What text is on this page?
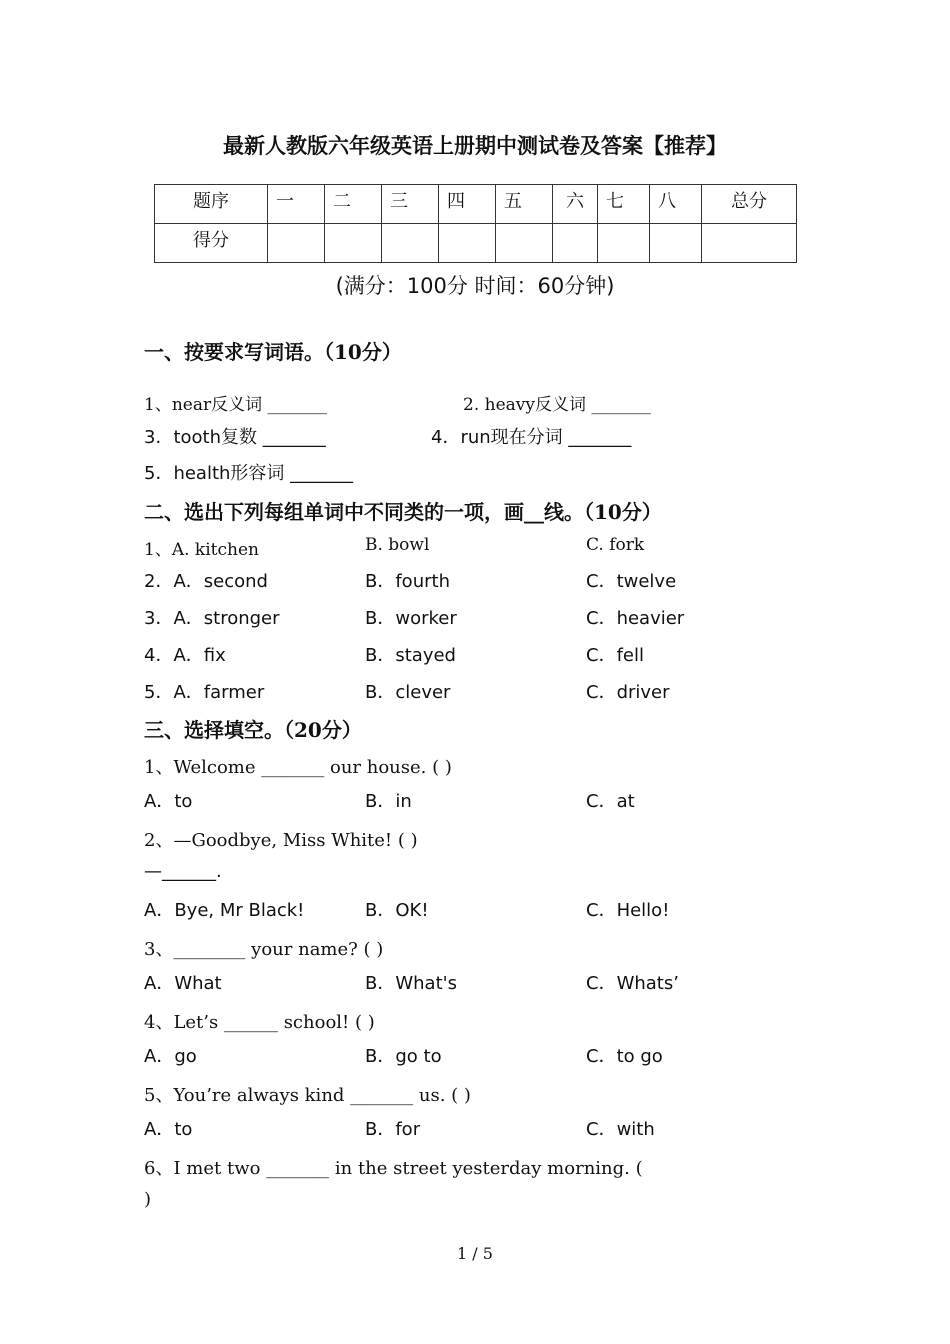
最新人教版六年级英语上册期中测试卷及答案【推荐】
题序	一	二	三	四	五	六	七	八	总分
得分									
(满分：100分 时间：60分钟)
一、按要求写词语。（10分）
1、near反义词 _______	2. heavy反义词 _______
3．tooth复数 _______	4．run现在分词 _______
5．health形容词 _______
二、选出下列每组单词中不同类的一项，画__线。（10分）
1、A. kitchen	B. bowl	C. fork
2．A．second	B．fourth	C．twelve
3．A．stronger	B．worker	C．heavier
4．A．fix	B．stayed	C．fell
5．A．farmer	B．clever	C．driver
三、选择填空。（20分）
1、Welcome _______ our house. ( )
A．to	B．in	C．at
2、—Goodbye, Miss White! ( )
—______.
A．Bye, Mr Black!	B．OK!	C．Hello!
3、________ your name? ( )
A．What	B．What's	C．Whats’
4、Let’s ______ school! ( )
A．go	B．go to	C．to go
5、You’re always kind _______ us. ( )
A．to	B．for	C．with
6、I met two _______ in the street yesterday morning. (
)
1 / 5
